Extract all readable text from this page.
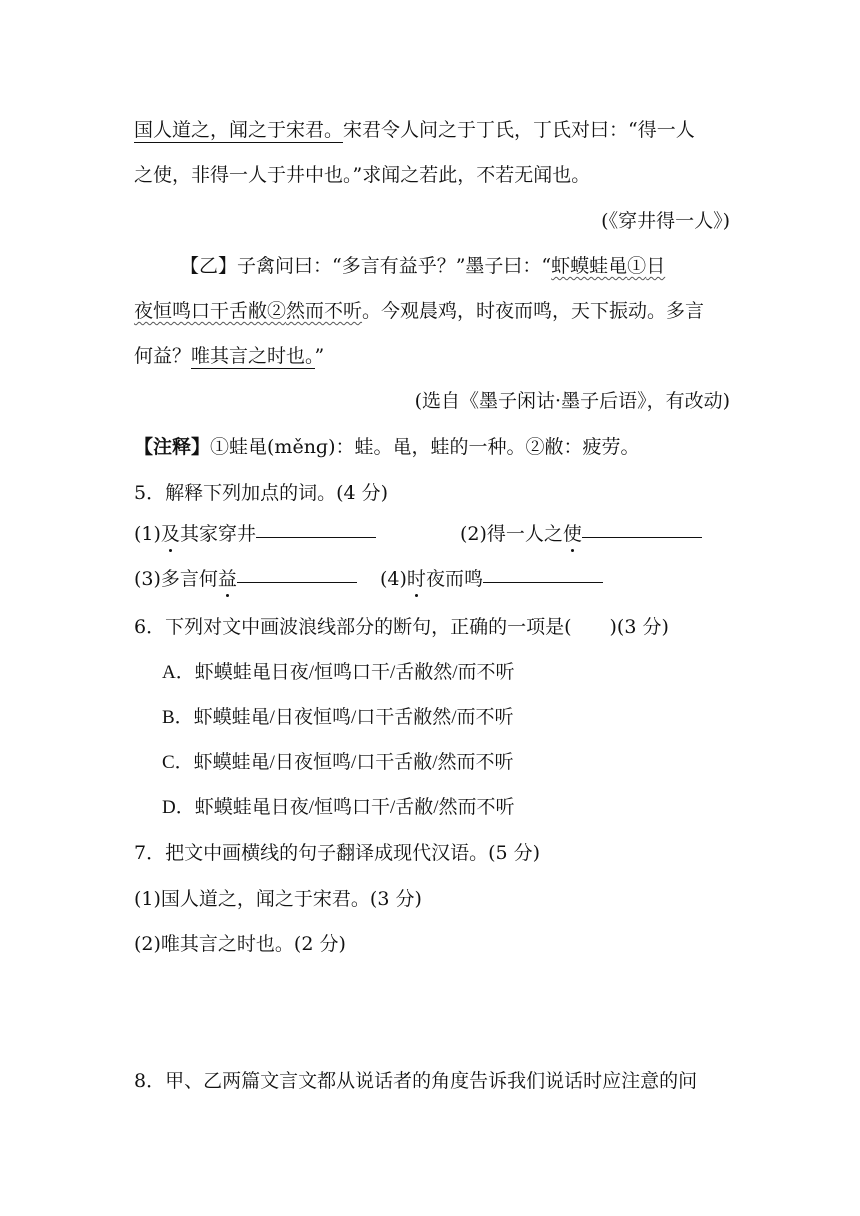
国人道之，闻之于宋君。宋君令人问之于丁氏，丁氏对曰：“得一人
之使，非得一人于井中也。”求闻之若此，不若无闻也。
(《穿井得一人》)
【乙】子禽问曰：“多言有益乎？”墨子曰：“虾蟆蛙黾①日
夜恒鸣口干舌敝②然而不听。今观晨鸡，时夜而鸣，天下振动。多言
何益？唯其言之时也。”
(选自《墨子闲诂·墨子后语》，有改动)
【注释】①蛙黾(měnɡ)：蛙。黾，蛙的一种。②敝：疲劳。
5．解释下列加点的词。(4 分)
(1)及其家穿井	(2)得一人之使
(3)多言何益	(4)时夜而鸣
6．下列对文中画波浪线部分的断句，正确的一项是(　　)(3 分)
A．虾蟆蛙黾日夜/恒鸣口干/舌敝然/而不听
B．虾蟆蛙黾/日夜恒鸣/口干舌敝然/而不听
C．虾蟆蛙黾/日夜恒鸣/口干舌敝/然而不听
D．虾蟆蛙黾日夜/恒鸣口干/舌敝/然而不听
7．把文中画横线的句子翻译成现代汉语。(5 分)
(1)国人道之，闻之于宋君。(3 分)
(2)唯其言之时也。(2 分)
8．甲、乙两篇文言文都从说话者的角度告诉我们说话时应注意的问
